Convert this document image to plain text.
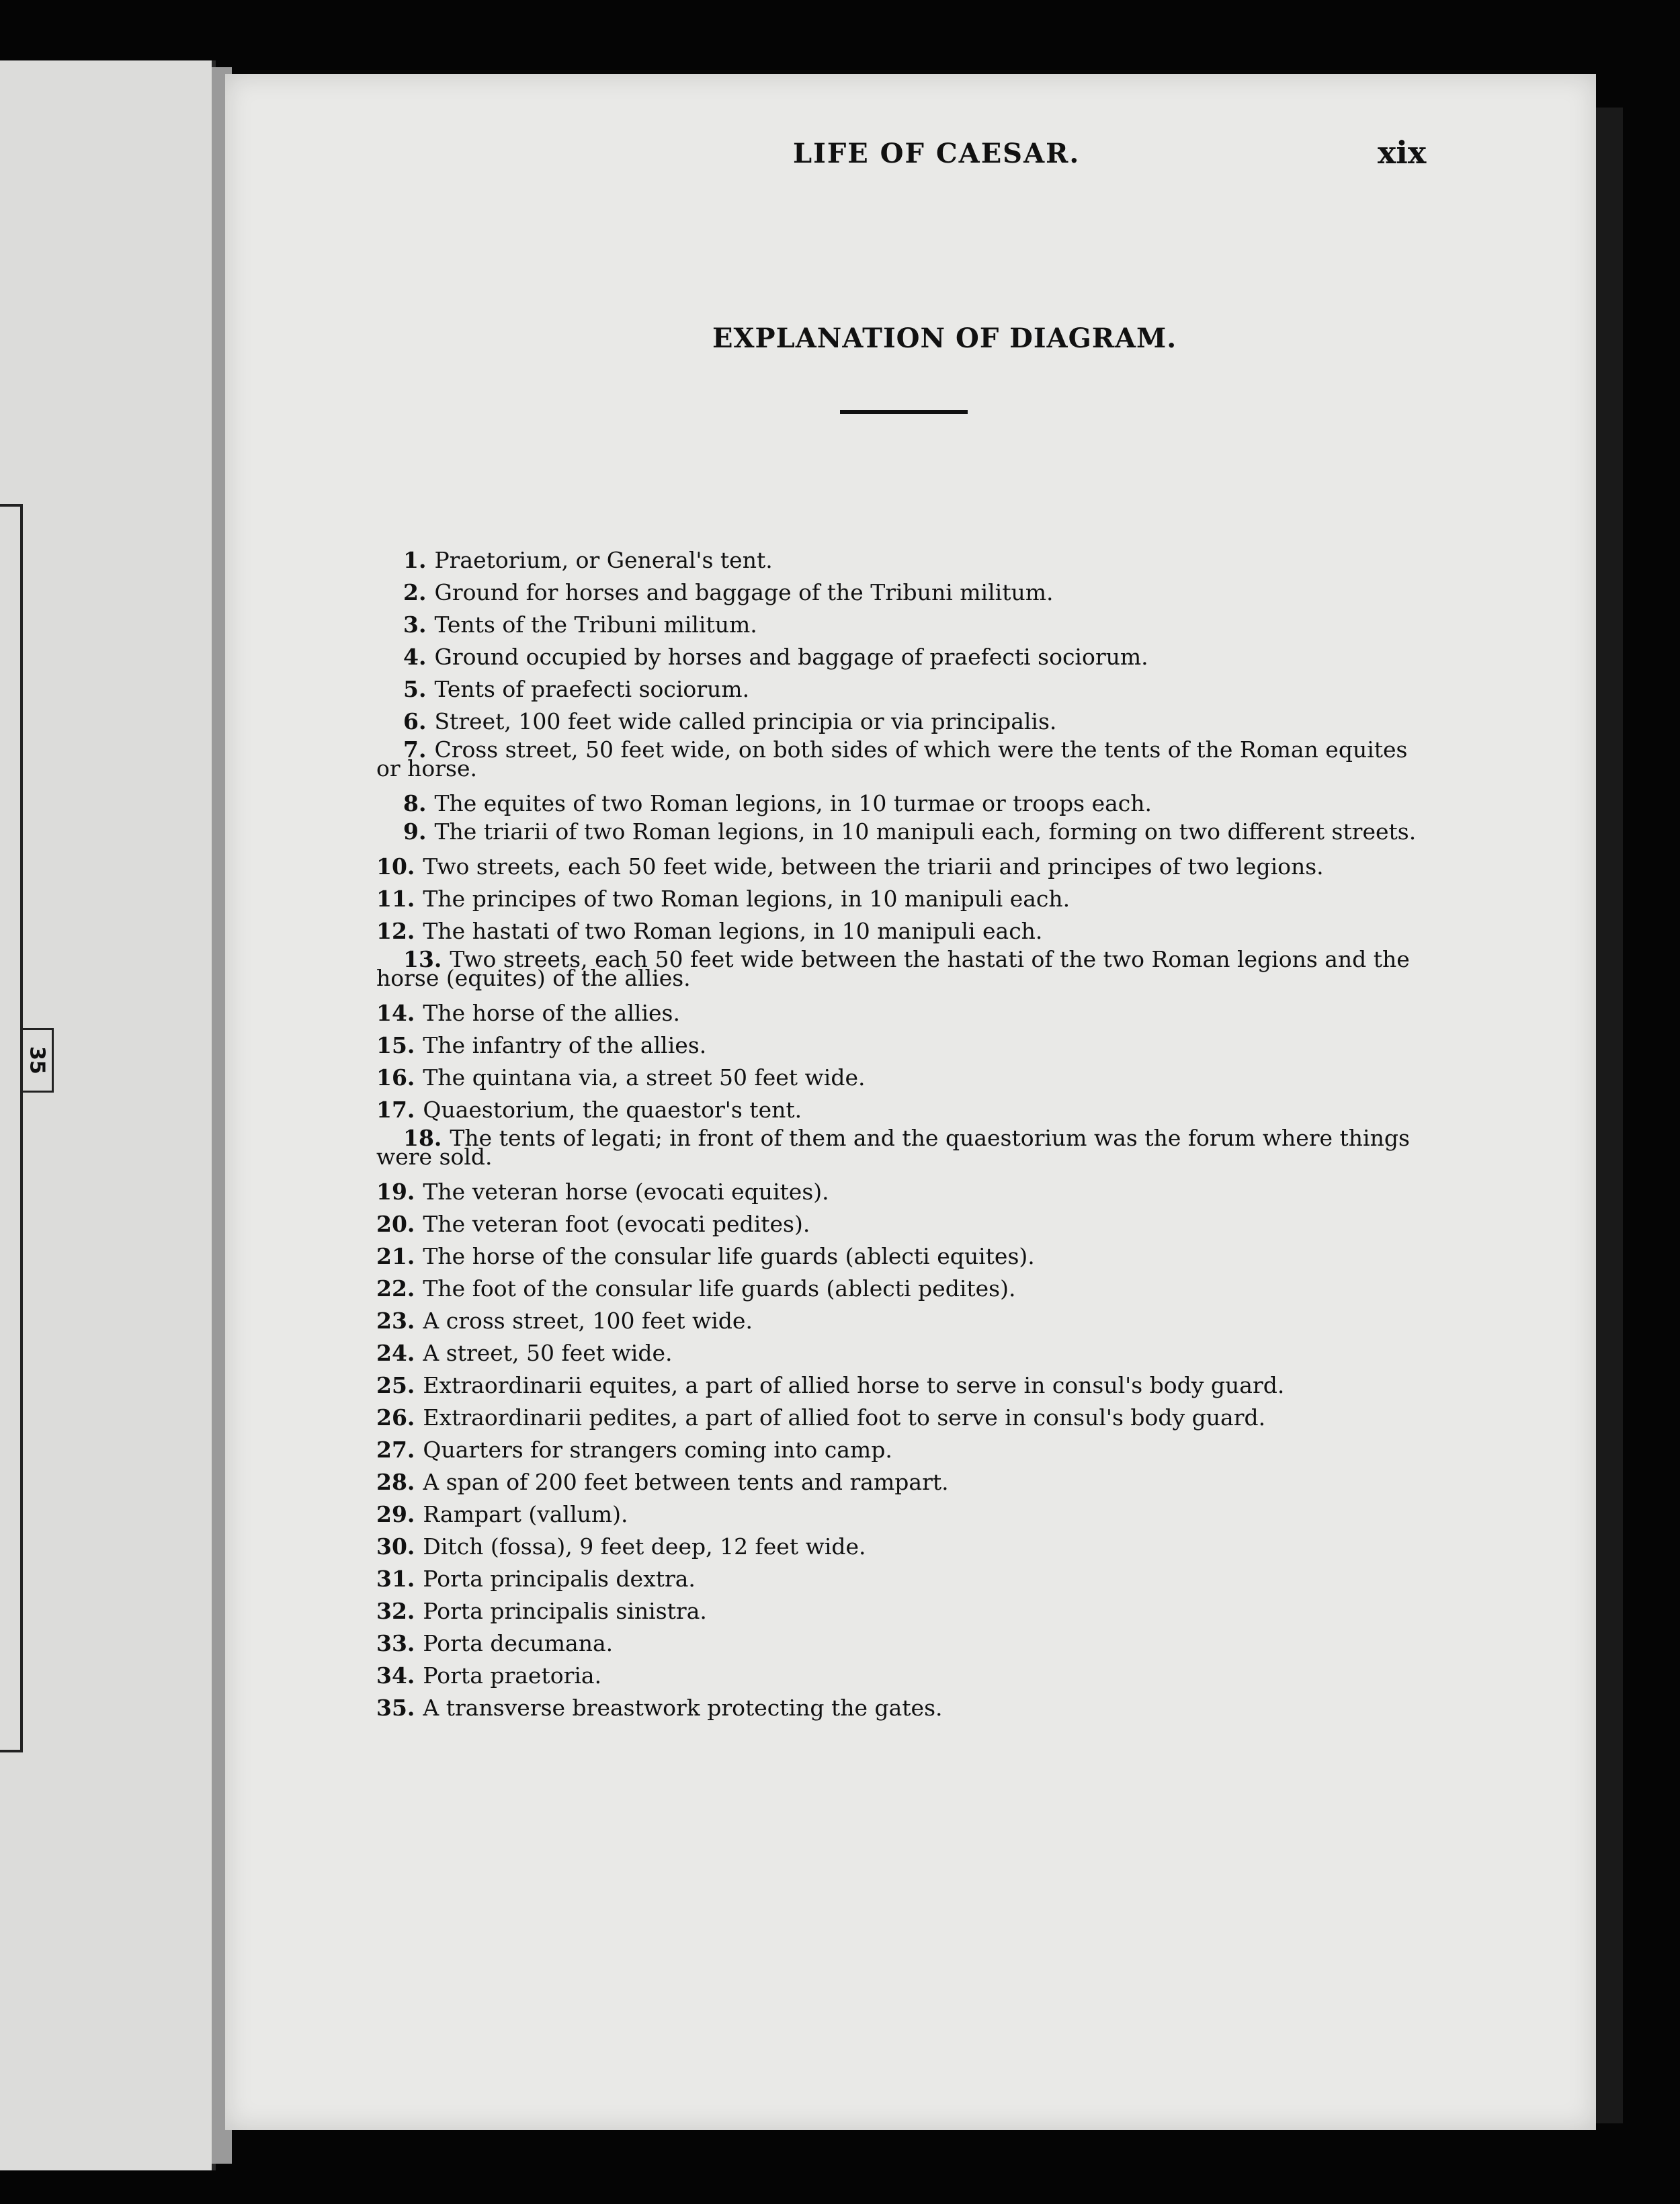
35
LIFE OF CAESAR.	xix
EXPLANATION OF DIAGRAM.
1. Praetorium, or General's tent.
2. Ground for horses and baggage of the Tribuni militum.
3. Tents of the Tribuni militum.
4. Ground occupied by horses and baggage of praefecti sociorum.
5. Tents of praefecti sociorum.
6. Street, 100 feet wide called principia or via principalis.
7. Cross street, 50 feet wide, on both sides of which were the tents of the Roman equites or horse.
8. The equites of two Roman legions, in 10 turmae or troops each.
9. The triarii of two Roman legions, in 10 manipuli each, forming on two different streets.
10. Two streets, each 50 feet wide, between the triarii and principes of two legions.
11. The principes of two Roman legions, in 10 manipuli each.
12. The hastati of two Roman legions, in 10 manipuli each.
13. Two streets, each 50 feet wide between the hastati of the two Roman legions and the horse (equites) of the allies.
14. The horse of the allies.
15. The infantry of the allies.
16. The quintana via, a street 50 feet wide.
17. Quaestorium, the quaestor's tent.
18. The tents of legati; in front of them and the quaestorium was the forum where things were sold.
19. The veteran horse (evocati equites).
20. The veteran foot (evocati pedites).
21. The horse of the consular life guards (ablecti equites).
22. The foot of the consular life guards (ablecti pedites).
23. A cross street, 100 feet wide.
24. A street, 50 feet wide.
25. Extraordinarii equites, a part of allied horse to serve in consul's body guard.
26. Extraordinarii pedites, a part of allied foot to serve in consul's body guard.
27. Quarters for strangers coming into camp.
28. A span of 200 feet between tents and rampart.
29. Rampart (vallum).
30. Ditch (fossa), 9 feet deep, 12 feet wide.
31. Porta principalis dextra.
32. Porta principalis sinistra.
33. Porta decumana.
34. Porta praetoria.
35. A transverse breastwork protecting the gates.
